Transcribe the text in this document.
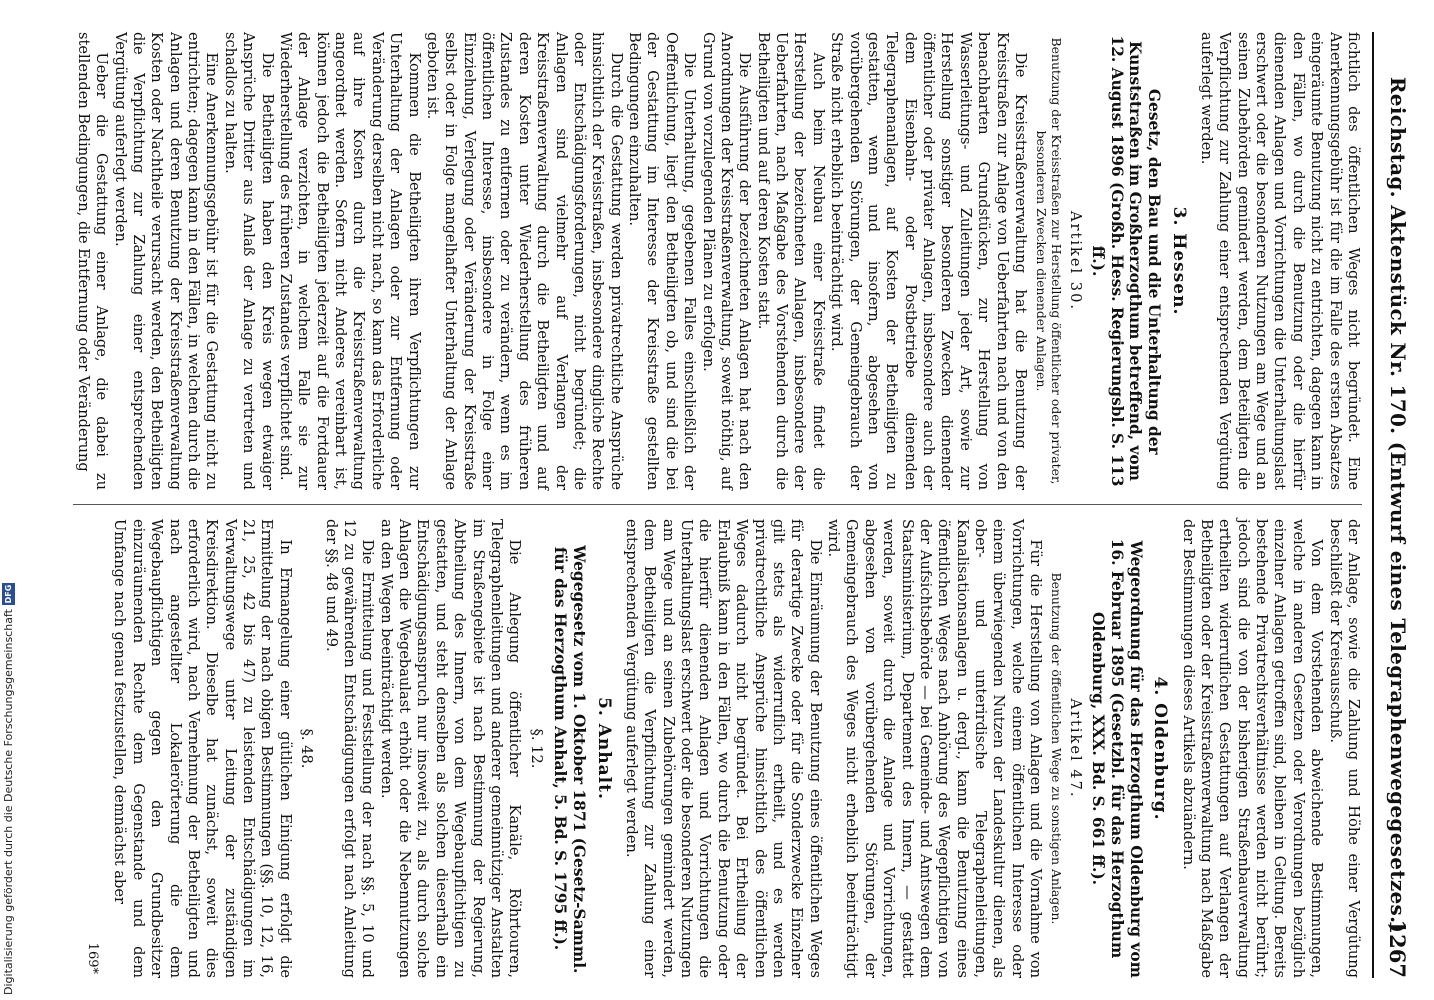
Reichstag. Aktenstück Nr. 170. (Entwurf eines Telegraphenwegegesetzes.)
1267

fichtlich des öffentlichen Weges nicht begründet. Eine Anerkennungsgebühr ist für die im Falle des ersten Absatzes eingeräumte Benutzung nicht zu entrichten, dagegen kann in den Fällen, wo durch die Benutzung oder die hierfür dienenden Anlagen und Vorrichtungen die Unterhaltungslast erschwert oder die besonderen Nutzungen am Wege und an seinen Zubehörden gemindert werden, dem Beteiligten die Verpflichtung zur Zahlung einer entsprechenden Vergütung auferlegt werden.

3. Hessen.

Gesetz, den Bau und die Unterhaltung der Kunststraßen im Großherzogthum betreffend, vom 12. August 1896 (Großh. Hess. Regierungsbl. S. 113 ff.).

Artikel 30.
Benutzung der Kreisstraßen zur Herstellung öffentlicher oder privater, besonderen Zwecken dienender Anlagen.

Die Kreisstraßenverwaltung hat die Benutzung der Kreisstraßen zur Anlage von Ueberfahrten nach und von den benachbarten Grundstücken, zur Herstellung von Wasserleitungs- und Zuleitungen jeder Art, sowie zur Herstellung sonstiger besonderen Zwecken dienender öffentlicher oder privater Anlagen, insbesondere auch der dem Eisenbahn- oder Postbetriebe dienenden Telegraphenanlagen, auf Kosten der Betheiligten zu gestatten, wenn und insofern, abgesehen von vorübergehenden Störungen, der Gemeingebrauch der Straße nicht erheblich beeinträchtigt wird.

Auch beim Neubau einer Kreisstraße findet die Herstellung der bezeichneten Anlagen, insbesondere der Ueberfahrten, nach Maßgabe des Vorstehenden durch die Betheiligten und auf deren Kosten statt.

Die Ausführung der bezeichneten Anlagen hat nach den Anordnungen der Kreisstraßenverwaltung, soweit nöthig, auf Grund von vorzulegenden Plänen zu erfolgen.

Die Unterhaltung, gegebenen Falles einschließlich der Oeffentlichung, liegt den Betheiligten ob, und sind die bei der Gestattung im Interesse der Kreisstraße gestellten Bedingungen einzuhalten.

Durch die Gestattung werden privatrechtliche Ansprüche hinsichtlich der Kreisstraßen, insbesondere dingliche Rechte oder Entschädigungsforderungen, nicht begründet; die Anlagen sind vielmehr auf Verlangen der Kreisstraßenverwaltung durch die Betheiligten und auf deren Kosten unter Wiederherstellung des früheren Zustandes zu entfernen oder zu verändern, wenn es im öffentlichen Interesse, insbesondere in Folge einer Einziehung, Verlegung oder Veränderung der Kreisstraße selbst oder in Folge mangelhafter Unterhaltung der Anlage geboten ist.

Kommen die Betheiligten ihren Verpflichtungen zur Unterhaltung der Anlagen oder zur Entfernung oder Veränderung derselben nicht nach, so kann das Erforderliche auf ihre Kosten durch die Kreisstraßenverwaltung angeordnet werden. Sofern nicht Anderes vereinbart ist, können jedoch die Betheiligten jederzeit auf die Fortdauer der Anlage verzichten, in welchem Falle sie zur Wiederherstellung des früheren Zustandes verpflichtet sind.

Die Betheiligten haben den Kreis wegen etwaiger Ansprüche Dritter aus Anlaß der Anlage zu vertreten und schadlos zu halten.

Eine Anerkennungsgebühr ist für die Gestattung nicht zu entrichten; dagegen kann in den Fällen, in welchen durch die Anlagen und deren Benutzung der Kreisstraßenverwaltung Kosten oder Nachtheile verursacht werden, den Betheiligten die Verpflichtung zur Zahlung einer entsprechenden Vergütung auferlegt werden.

Ueber die Gestattung einer Anlage, die dabei zu stellenden Bedingungen, die Entfernung oder Veränderung

der Anlage, sowie die Zahlung und Höhe einer Vergütung beschließt der Kreisausschuß.

Von dem Vorstehenden abweichende Bestimmungen, welche in anderen Gesetzen oder Verordnungen bezüglich einzelner Anlagen getroffen sind, bleiben in Geltung. Bereits bestehende Privatrechtsverhältnisse werden nicht berührt; jedoch sind die von der bisherigen Straßenbauverwaltung ertheilten widerruflichen Gestattungen auf Verlangen der Betheiligten oder der Kreisstraßenverwaltung nach Maßgabe der Bestimmungen dieses Artikels abzuändern.

4. Oldenburg.

Wegeordnung für das Herzogthum Oldenburg vom 16. Februar 1895 (Gesetzbl. für das Herzogthum Oldenburg, XXX. Bd. S. 661 ff.).

Artikel 47.
Benutzung der öffentlichen Wege zu sonstigen Anlagen.

Für die Herstellung von Anlagen und die Vornahme von Vorrichtungen, welche einem öffentlichen Interesse oder einem überwiegenden Nutzen der Landeskultur dienen, als ober- und unterirdische Telegraphenleitungen, Kanalisationsanlagen u. dergl., kann die Benutzung eines öffentlichen Weges nach Anhörung des Wegepflichtigen von der Aufsichtsbehörde — bei Gemeinde- und Amtswegen dem Staatsministerium, Departement des Innern, — gestattet werden, soweit durch die Anlage und Vorrichtungen, abgesehen von vorübergehenden Störungen, der Gemeingebrauch des Weges nicht erheblich beeinträchtigt wird.

Die Einräumung der Benutzung eines öffentlichen Weges für derartige Zwecke oder für die Sonderzwecke Einzelner gilt stets als widerruflich ertheilt, und es werden privatrechtliche Ansprüche hinsichtlich des öffentlichen Weges dadurch nicht begründet. Bei Ertheilung der Erlaubniß kann in den Fällen, wo durch die Benutzung oder die hierfür dienenden Anlagen und Vorrichtungen die Unterhaltungslast erschwert oder die besonderen Nutzungen am Wege und an seinen Zubehörungen gemindert werden, dem Betheiligten die Verpflichtung zur Zahlung einer entsprechenden Vergütung auferlegt werden.

5. Anhalt.

Wegegesetz vom 1. Oktober 1871 (Gesetz-Samml. für das Herzogthum Anhalt, 5. Bd. S. 1795 ff.).

§. 12.

Die Anlegung öffentlicher Kanäle, Röhrtouren, Telegraphenleitungen und anderer gemeinnütziger Anstalten im Straßengebiete ist nach Bestimmung der Regierung, Abtheilung des Innern, von dem Wegebaupflichtigen zu gestatten, und steht denselben als solchen dieserhalb ein Entschädigungsanspruch nur insoweit zu, als durch solche Anlagen die Wegebaulast erhöht oder die Nebennutzungen an den Wegen beeinträchtigt werden.

Die Ermittelung und Feststellung der nach §§. 5, 10 und 12 zu gewährenden Entschädigungen erfolgt nach Anleitung der §§. 48 und 49.

§. 48.

In Ermangelung einer gütlichen Einigung erfolgt die Ermittelung der nach obigen Bestimmungen (§§. 10, 12, 16, 21, 25, 42 bis 47) zu leistenden Entschädigungen im Verwaltungswege unter Leitung der zuständigen Kreisdirektion. Dieselbe hat zunächst, soweit dies erforderlich wird, nach Vernehmung der Betheiligten und nach angestellter Lokalerörterung die dem Wegebaupflichtigen gegen den Grundbesitzer einzuräumenden Rechte dem Gegenstande und dem Umfange nach genau festzustellen, demnächst aber

169*
Digitalisierung gefördert durch die Deutsche Forschungsgemeinschaft
DFG
